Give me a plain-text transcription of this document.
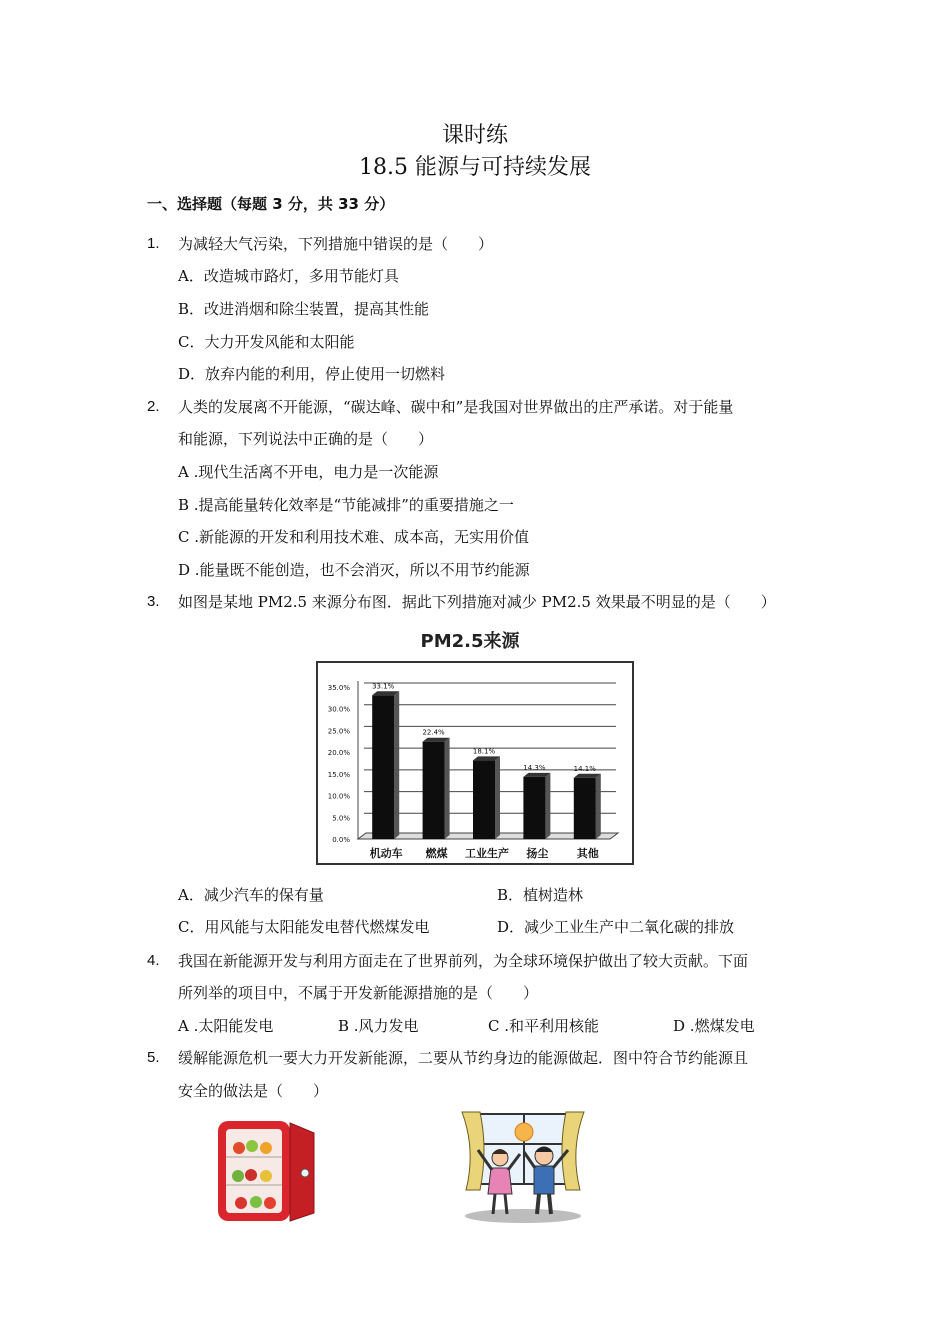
课时练
18.5 能源与可持续发展
一、选择题（每题 3 分，共 33 分）
1. 为减轻大气污染，下列措施中错误的是（　　）
A．改造城市路灯，多用节能灯具
B．改进消烟和除尘装置，提高其性能
C．大力开发风能和太阳能
D．放弃内能的利用，停止使用一切燃料
2. 人类的发展离不开能源，“碳达峰、碳中和”是我国对世界做出的庄严承诺。对于能量
和能源，下列说法中正确的是（　　）
A .现代生活离不开电，电力是一次能源
B .提高能量转化效率是“节能减排”的重要措施之一
C .新能源的开发和利用技术难、成本高，无实用价值
D .能量既不能创造，也不会消灭，所以不用节约能源
3. 如图是某地 PM2.5 来源分布图．据此下列措施对减少 PM2.5 效果最不明显的是（　　）
PM2.5来源
0.0%
5.0%
10.0%
15.0%
20.0%
25.0%
30.0%
35.0%
机动车 燃煤 工业生产 扬尘	其他
33.1%
22.4%
18.1%
14.3%	14.1%
A．减少汽车的保有量	B．植树造林
C．用风能与太阳能发电替代燃煤发电	D．减少工业生产中二氧化碳的排放
4. 我国在新能源开发与利用方面走在了世界前列，为全球环境保护做出了较大贡献。下面
所列举的项目中，不属于开发新能源措施的是（　　）
A .太阳能发电	B .风力发电	C .和平利用核能	D .燃煤发电
5. 缓解能源危机一要大力开发新能源，二要从节约身边的能源做起．图中符合节约能源且
安全的做法是（　　）
